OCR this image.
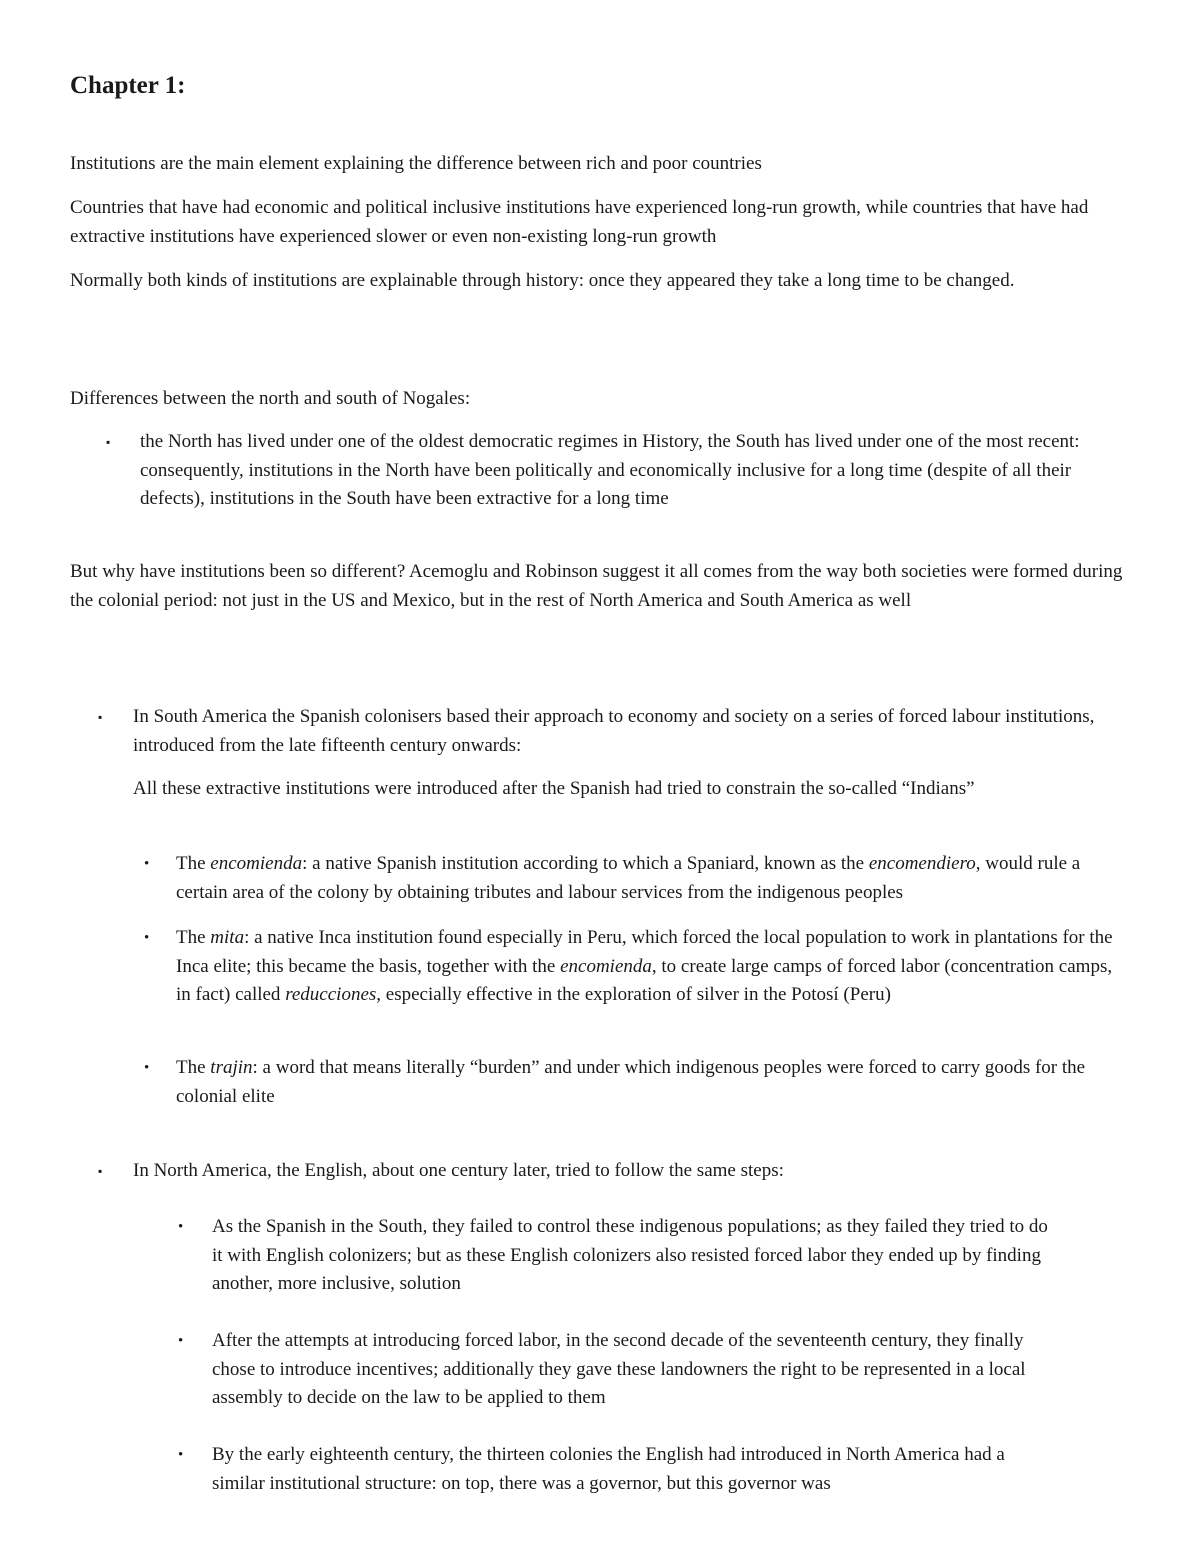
Chapter 1:

Institutions are the main element explaining the difference between rich and poor countries

Countries that have had economic and political inclusive institutions have experienced long-run growth, while countries that have had extractive institutions have experienced slower or even non-existing long-run growth

Normally both kinds of institutions are explainable through history: once they appeared they take a long time to be changed.

Differences between the north and south of Nogales:

▪ the North has lived under one of the oldest democratic regimes in History, the South has lived under one of the most recent: consequently, institutions in the North have been politically and economically inclusive for a long time (despite of all their defects), institutions in the South have been extractive for a long time

But why have institutions been so different? Acemoglu and Robinson suggest it all comes from the way both societies were formed during the colonial period: not just in the US and Mexico, but in the rest of North America and South America as well

▪ In South America the Spanish colonisers based their approach to economy and society on a series of forced labour institutions, introduced from the late fifteenth century onwards:

All these extractive institutions were introduced after the Spanish had tried to constrain the so-called “Indians”

• The encomienda: a native Spanish institution according to which a Spaniard, known as the encomendiero, would rule a certain area of the colony by obtaining tributes and labour services from the indigenous peoples
• The mita: a native Inca institution found especially in Peru, which forced the local population to work in plantations for the Inca elite; this became the basis, together with the encomienda, to create large camps of forced labor (concentration camps, in fact) called reducciones, especially effective in the exploration of silver in the Potosí (Peru)
• The trajin: a word that means literally “burden” and under which indigenous peoples were forced to carry goods for the colonial elite
▪ In North America, the English, about one century later, tried to follow the same steps:
• As the Spanish in the South, they failed to control these indigenous populations; as they failed they tried to do it with English colonizers; but as these English colonizers also resisted forced labor they ended up by finding another, more inclusive, solution
• After the attempts at introducing forced labor, in the second decade of the seventeenth century, they finally chose to introduce incentives; additionally they gave these landowners the right to be represented in a local assembly to decide on the law to be applied to them
• By the early eighteenth century, the thirteen colonies the English had introduced in North America had a similar institutional structure: on top, there was a governor, but this governor was
